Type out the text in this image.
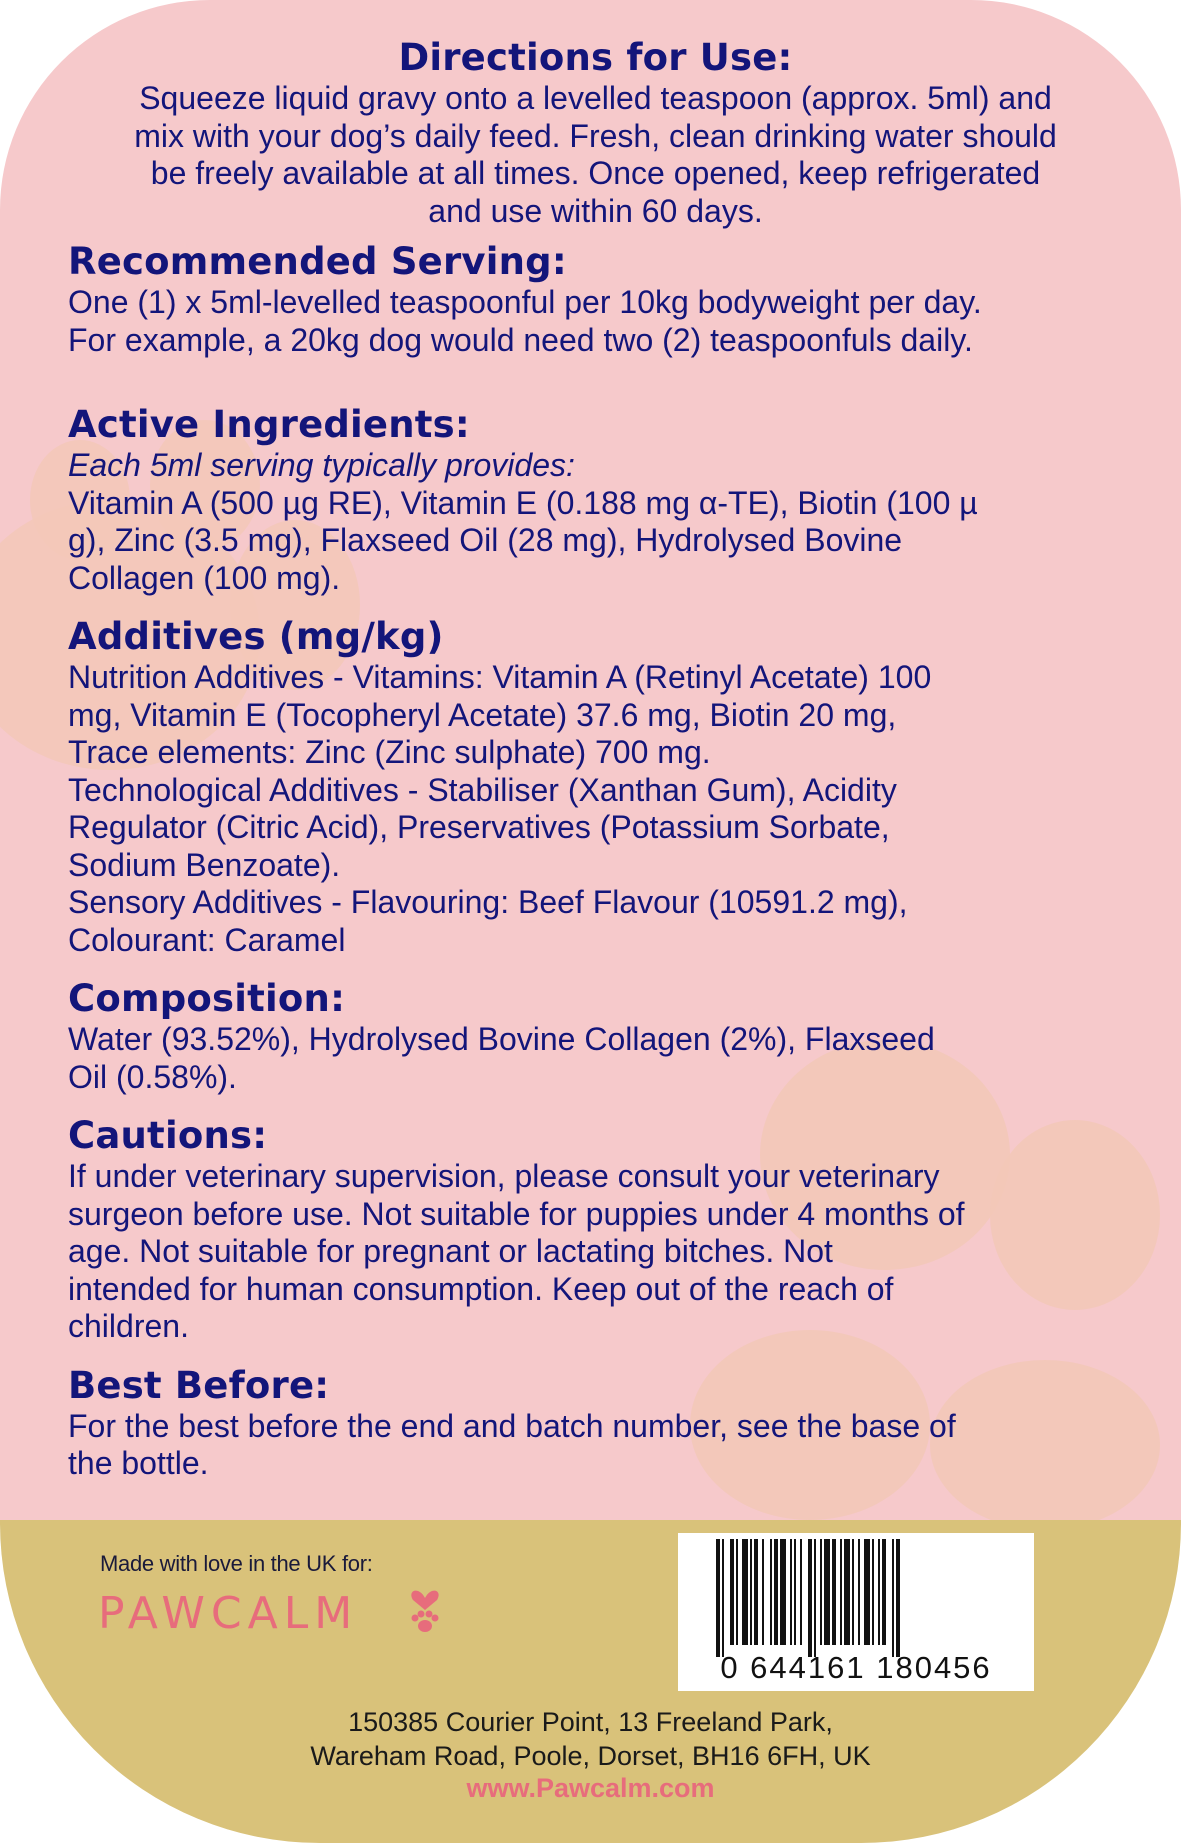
Directions for Use:

Squeeze liquid gravy onto a levelled teaspoon (approx. 5ml) and

mix with your dog’s daily feed. Fresh, clean drinking water should

be freely available at all times. Once opened, keep refrigerated

and use within 60 days.

Recommended Serving:

One (1) x 5ml-levelled teaspoonful per 10kg bodyweight per day.

For example, a 20kg dog would need two (2) teaspoonfuls daily.

Active Ingredients:

Each 5ml serving typically provides:

Vitamin A (500 µg RE), Vitamin E (0.188 mg α-TE), Biotin (100 µ

g), Zinc (3.5 mg), Flaxseed Oil (28 mg), Hydrolysed Bovine

Collagen (100 mg).

Additives (mg/kg)

Nutrition Additives - Vitamins: Vitamin A (Retinyl Acetate) 100

mg, Vitamin E (Tocopheryl Acetate) 37.6 mg, Biotin 20 mg,

Trace elements: Zinc (Zinc sulphate) 700 mg.

Technological Additives - Stabiliser (Xanthan Gum), Acidity

Regulator (Citric Acid), Preservatives (Potassium Sorbate,

Sodium Benzoate).

Sensory Additives - Flavouring: Beef Flavour (10591.2 mg),

Colourant: Caramel

Composition:

Water (93.52%), Hydrolysed Bovine Collagen (2%), Flaxseed

Oil (0.58%).

Cautions:

If under veterinary supervision, please consult your veterinary

surgeon before use. Not suitable for puppies under 4 months of

age. Not suitable for pregnant or lactating bitches. Not

intended for human consumption. Keep out of the reach of

children.

Best Before:

For the best before the end and batch number, see the base of

the bottle.

Made with love in the UK for:
PAWCALM
0 644161 180456
150385 Courier Point, 13 Freeland Park,
Wareham Road, Poole, Dorset, BH16 6FH, UK
www.Pawcalm.com
